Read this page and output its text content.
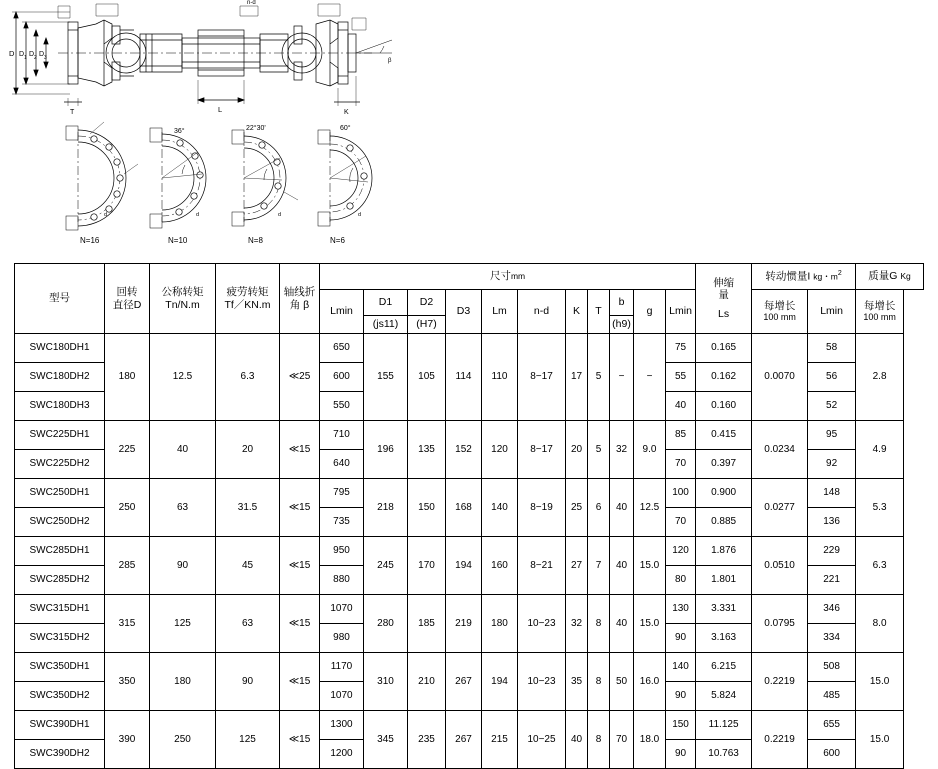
D D 1 D 2 D 3
T	L	K
β
n-d
36°	22°30'	60°
d	d	d	d
N=16	N=10	N=8	N=6
型号	
回转
直径D

公称转矩
Tn/N.m

疲劳转矩
Tf／KN.m

轴线折
角 β
	尺寸mm	
伸缩
量
Ls
	转动惯量I kg・$m^2$	质量G Kg
Lmin	D1	D2	D3	Lm	n-d	K	T	b	g	Lmin	每增长
100 mm	Lmin	每增长
100 mm

						(js11)	(H7)						(h9)						
SWC180DH1	180	12.5	6.3	≪25	650	155	105	114	110	8−17	17	5	−	−	75	0.165	0.0070	58	2.8
SWC180DH2					600										55	0.162		56	
SWC180DH3					550										40	0.160		52	
SWC225DH1	225	40	20	≪15	710	196	135	152	120	8−17	20	5	32	9.0	85	0.415	0.0234	95	4.9
SWC225DH2					640										70	0.397		92	
SWC250DH1	250	63	31.5	≪15	795	218	150	168	140	8−19	25	6	40	12.5	100	0.900	0.0277	148	5.3
SWC250DH2					735										70	0.885		136	
SWC285DH1	285	90	45	≪15	950	245	170	194	160	8−21	27	7	40	15.0	120	1.876	0.0510	229	6.3
SWC285DH2					880										80	1.801		221	
SWC315DH1	315	125	63	≪15	1070	280	185	219	180	10−23	32	8	40	15.0	130	3.331	0.0795	346	8.0
SWC315DH2					980										90	3.163		334	
SWC350DH1	350	180	90	≪15	1170	310	210	267	194	10−23	35	8	50	16.0	140	6.215	0.2219	508	15.0
SWC350DH2					1070										90	5.824		485	
SWC390DH1	390	250	125	≪15	1300	345	235	267	215	10−25	40	8	70	18.0	150	11.125	0.2219	655	15.0
SWC390DH2					1200										90	10.763		600	
